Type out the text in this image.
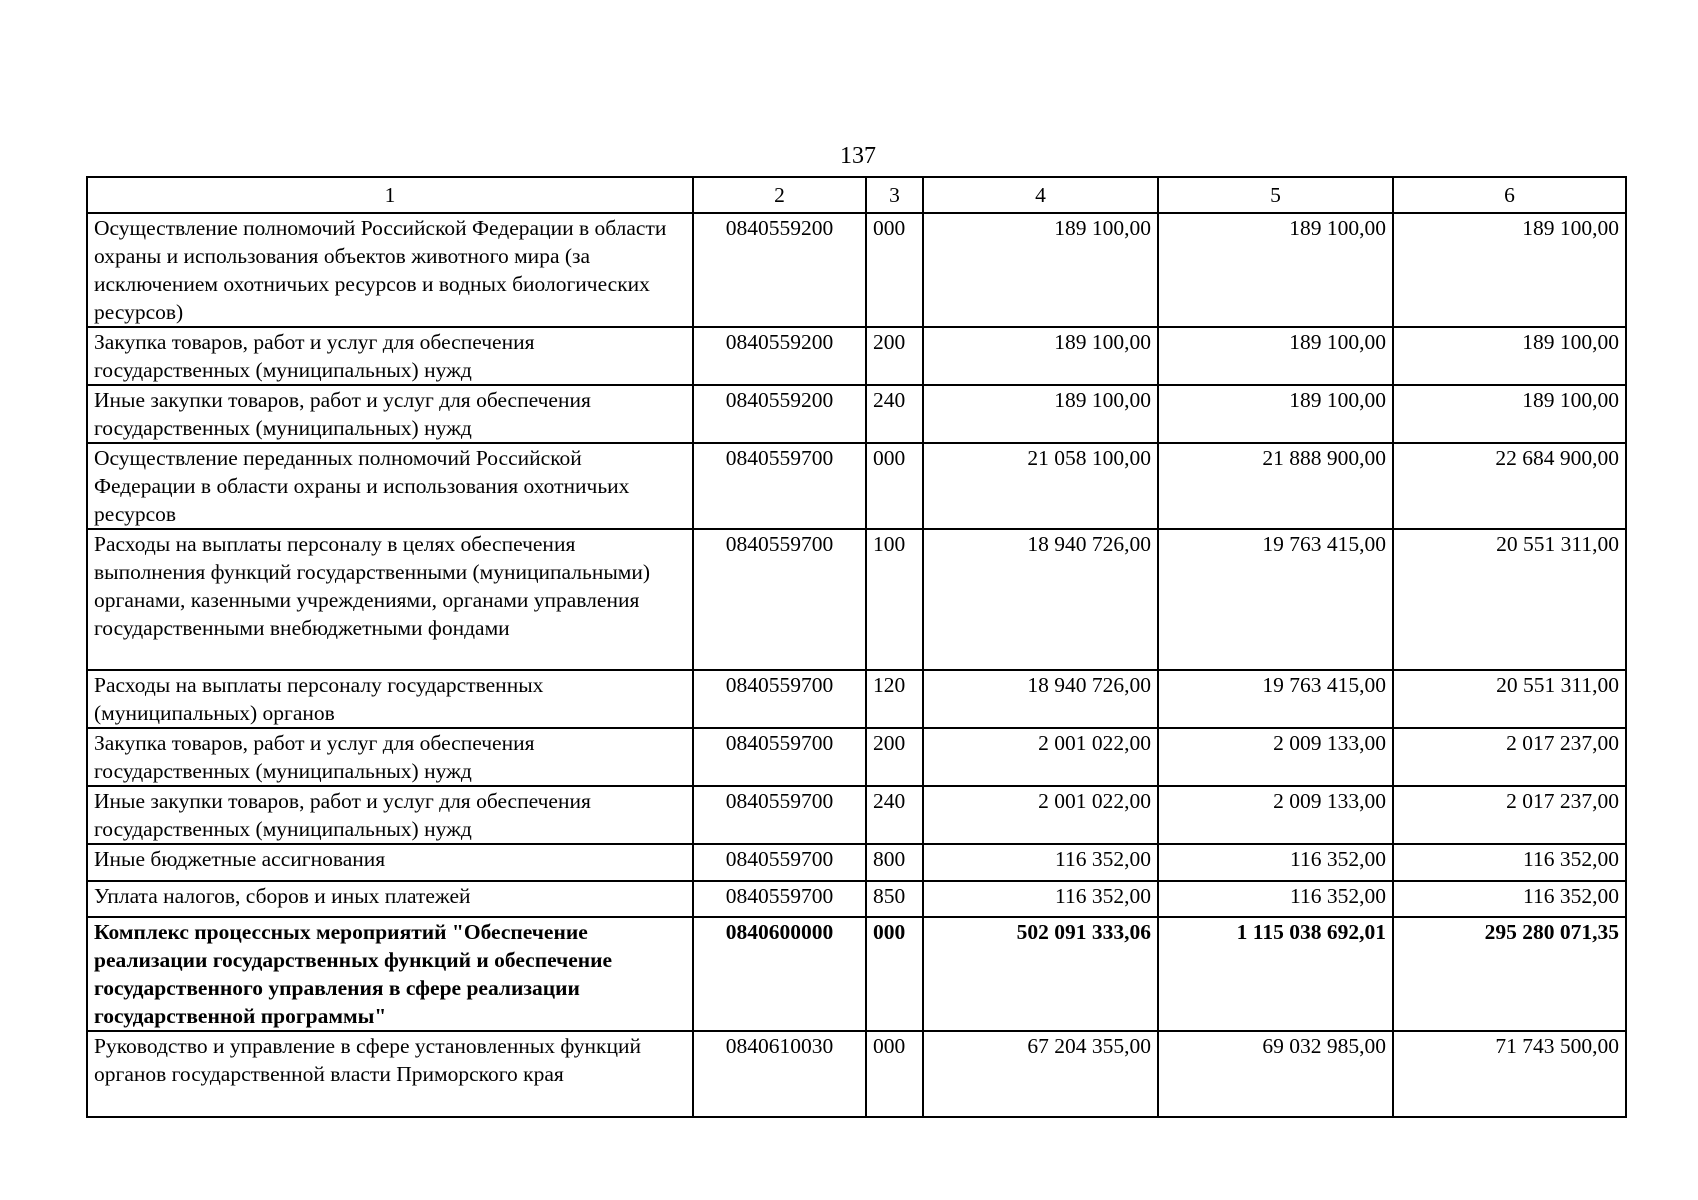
137
1	2	3	4	5	6
Осуществление полномочий Российской Федерации в области охраны и использования объектов животного мира (за исключением охотничьих ресурсов и водных биологических ресурсов)	0840559200	000	189 100,00	189 100,00	189 100,00
Закупка товаров, работ и услуг для обеспечения государственных (муниципальных) нужд	0840559200	200	189 100,00	189 100,00	189 100,00
Иные закупки товаров, работ и услуг для обеспечения государственных (муниципальных) нужд	0840559200	240	189 100,00	189 100,00	189 100,00
Осуществление переданных полномочий Российской Федерации в области охраны и использования охотничьих ресурсов	0840559700	000	21 058 100,00	21 888 900,00	22 684 900,00
Расходы на выплаты персоналу в целях обеспечения выполнения функций государственными (муниципальными) органами, казенными учреждениями, органами управления государственными внебюджетными фондами	0840559700	100	18 940 726,00	19 763 415,00	20 551 311,00
Расходы на выплаты персоналу государственных (муниципальных) органов	0840559700	120	18 940 726,00	19 763 415,00	20 551 311,00
Закупка товаров, работ и услуг для обеспечения государственных (муниципальных) нужд	0840559700	200	2 001 022,00	2 009 133,00	2 017 237,00
Иные закупки товаров, работ и услуг для обеспечения государственных (муниципальных) нужд	0840559700	240	2 001 022,00	2 009 133,00	2 017 237,00
Иные бюджетные ассигнования	0840559700	800	116 352,00	116 352,00	116 352,00
Уплата налогов, сборов и иных платежей	0840559700	850	116 352,00	116 352,00	116 352,00
Комплекс процессных мероприятий "Обеспечение реализации государственных функций и обеспечение государственного управления в сфере реализации государственной программы"	0840600000	000	502 091 333,06	1 115 038 692,01	295 280 071,35
Руководство и управление в сфере установленных функций органов государственной власти Приморского края	0840610030	000	67 204 355,00	69 032 985,00	71 743 500,00
